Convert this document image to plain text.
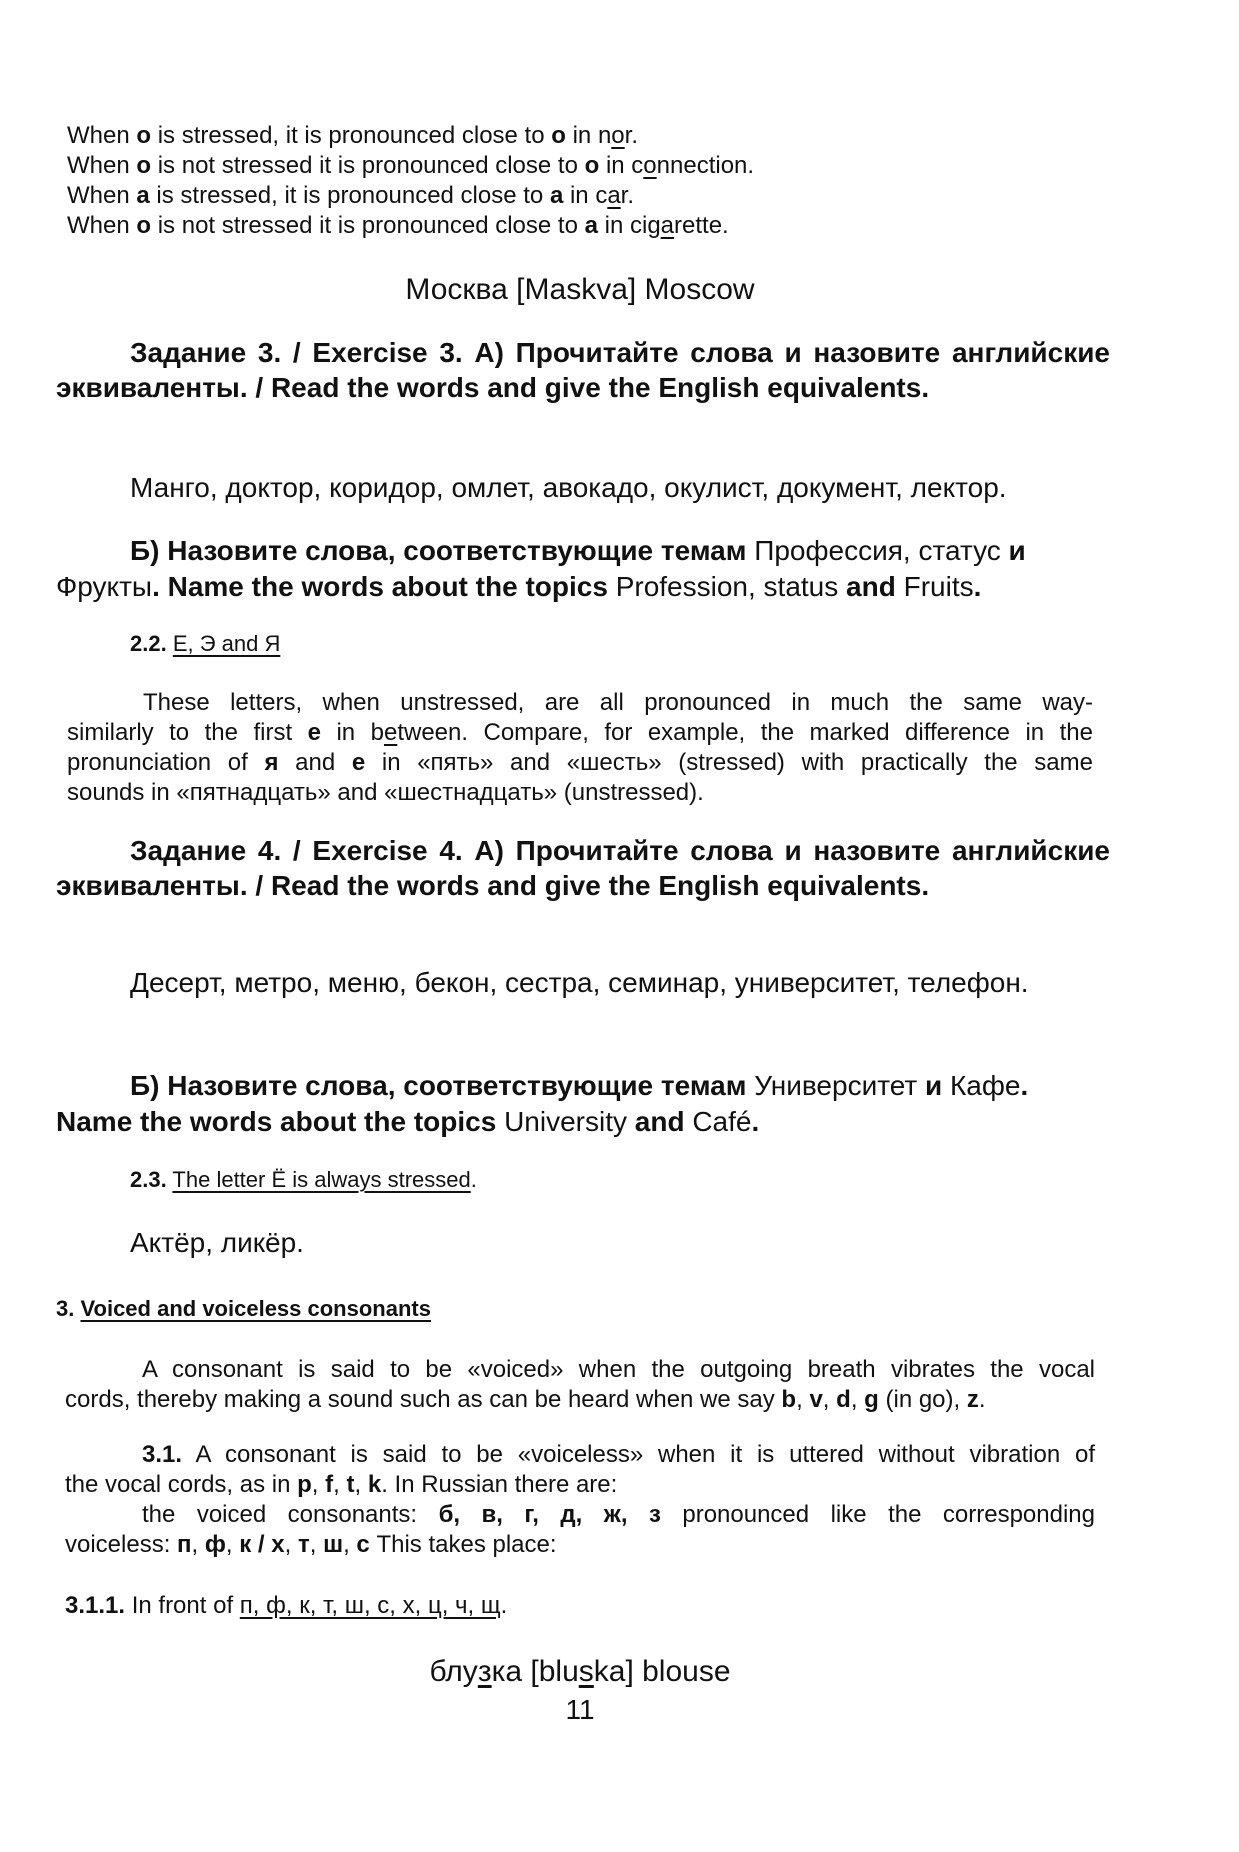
When o is stressed, it is pronounced close to o in nor.
When o is not stressed it is pronounced close to o in connection.
When a is stressed, it is pronounced close to a in car.
When o is not stressed it is pronounced close to a in cigarette.
Москва [Maskva] Moscow
Задание 3. / Exercise 3. А) Прочитайте слова и назовите английские эквиваленты. / Read the words and give the English equivalents.
Манго, доктор, коридор, омлет, авокадо, окулист, документ, лектор.
Б) Назовите слова, соответствующие темам Профессия, статус и
Фрукты. Name the words about the topics Profession, status and Fruits.
2.2. Е, Э and Я
These letters, when unstressed, are all pronounced in much the same way-
similarly to the first e in between. Compare, for example, the marked difference in the
pronunciation of я and е in «пять» and «шесть» (stressed) with practically the same
sounds in «пятнадцать» and «шестнадцать» (unstressed).
Задание 4. / Exercise 4. А) Прочитайте слова и назовите английские эквиваленты. / Read the words and give the English equivalents.
Десерт, метро, меню, бекон, сестра, семинар, университет, телефон.
Б) Назовите слова, соответствующие темам Университет и Кафе.
Name the words about the topics University and Café.
2.3. The letter Ё is always stressed.
Актёр, ликёр.
3. Voiced and voiceless consonants
A consonant is said to be «voiced» when the outgoing breath vibrates the vocal
cords, thereby making a sound such as can be heard when we say b, v, d, g (in go), z.
3.1. A consonant is said to be «voiceless» when it is uttered without vibration of
the vocal cords, as in p, f, t, k. In Russian there are:
the voiced consonants: б, в, г, д, ж, з pronounced like the corresponding
voiceless: п, ф, к / х, т, ш, с This takes place:
3.1.1. In front of п, ф, к, т, ш, с, х, ц, ч, щ.
блузка [bluska] blouse
11
